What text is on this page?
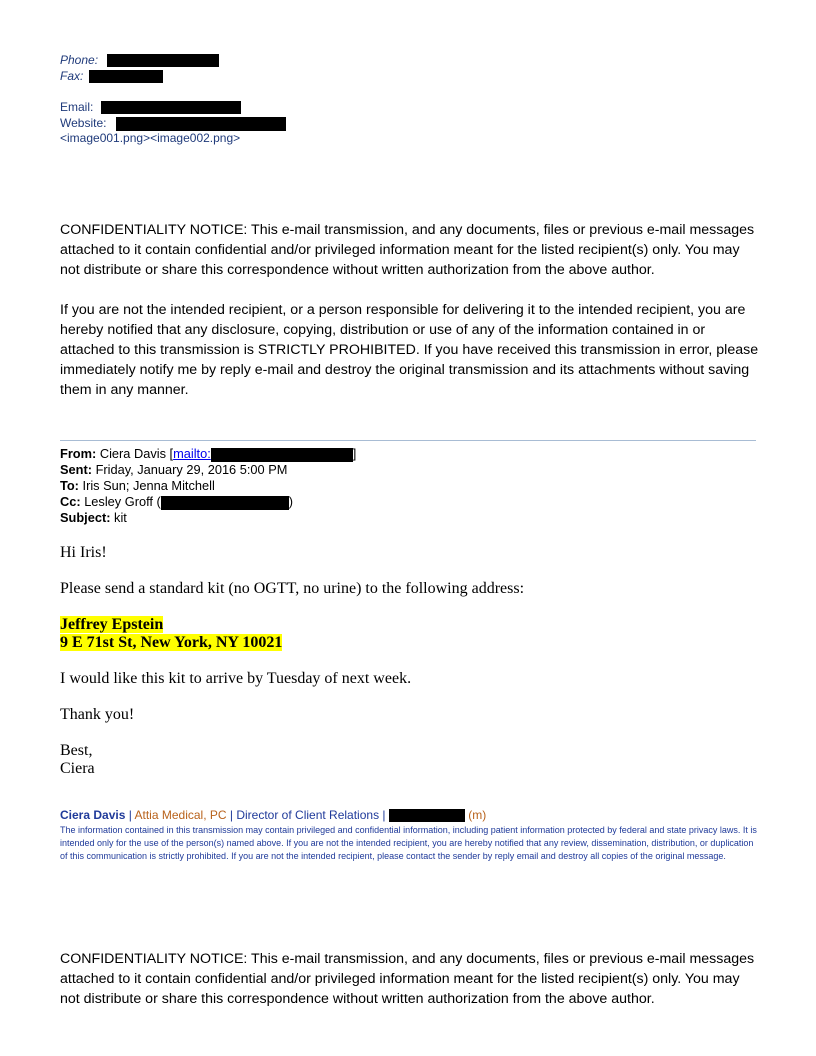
Phone:
Fax:
Email:
Website:
<image001.png><image002.png>

CONFIDENTIALITY NOTICE: This e-mail transmission, and any documents, files or previous e-mail messages attached to it contain confidential and/or privileged information meant for the listed recipient(s) only. You may not distribute or share this correspondence without written authorization from the above author.

If you are not the intended recipient, or a person responsible for delivering it to the intended recipient, you are hereby notified that any disclosure, copying, distribution or use of any of the information contained in or attached to this transmission is STRICTLY PROHIBITED. If you have received this transmission in error, please immediately notify me by reply e-mail and destroy the original transmission and its attachments without saving them in any manner.

From: Ciera Davis [mailto:	]
Sent: Friday, January 29, 2016 5:00 PM
To: Iris Sun; Jenna Mitchell
Cc: Lesley Groff (	)
Subject: kit
Hi Iris!
Please send a standard kit (no OGTT, no urine) to the following address:
Jeffrey Epstein
9 E 71st St, New York, NY 10021
I would like this kit to arrive by Tuesday of next week.
Thank you!
Best,
Ciera
Ciera Davis | Attia Medical, PC | Director of Client Relations |	(m)

The information contained in this transmission may contain privileged and confidential information, including patient information protected by federal and state privacy laws. It is intended only for the use of the person(s) named above. If you are not the intended recipient, you are hereby notified that any review, dissemination, distribution, or duplication of this communication is strictly prohibited. If you are not the intended recipient, please contact the sender by reply email and destroy all copies of the original message.

CONFIDENTIALITY NOTICE: This e-mail transmission, and any documents, files or previous e-mail messages attached to it contain confidential and/or privileged information meant for the listed recipient(s) only. You may not distribute or share this correspondence without written authorization from the above author.
